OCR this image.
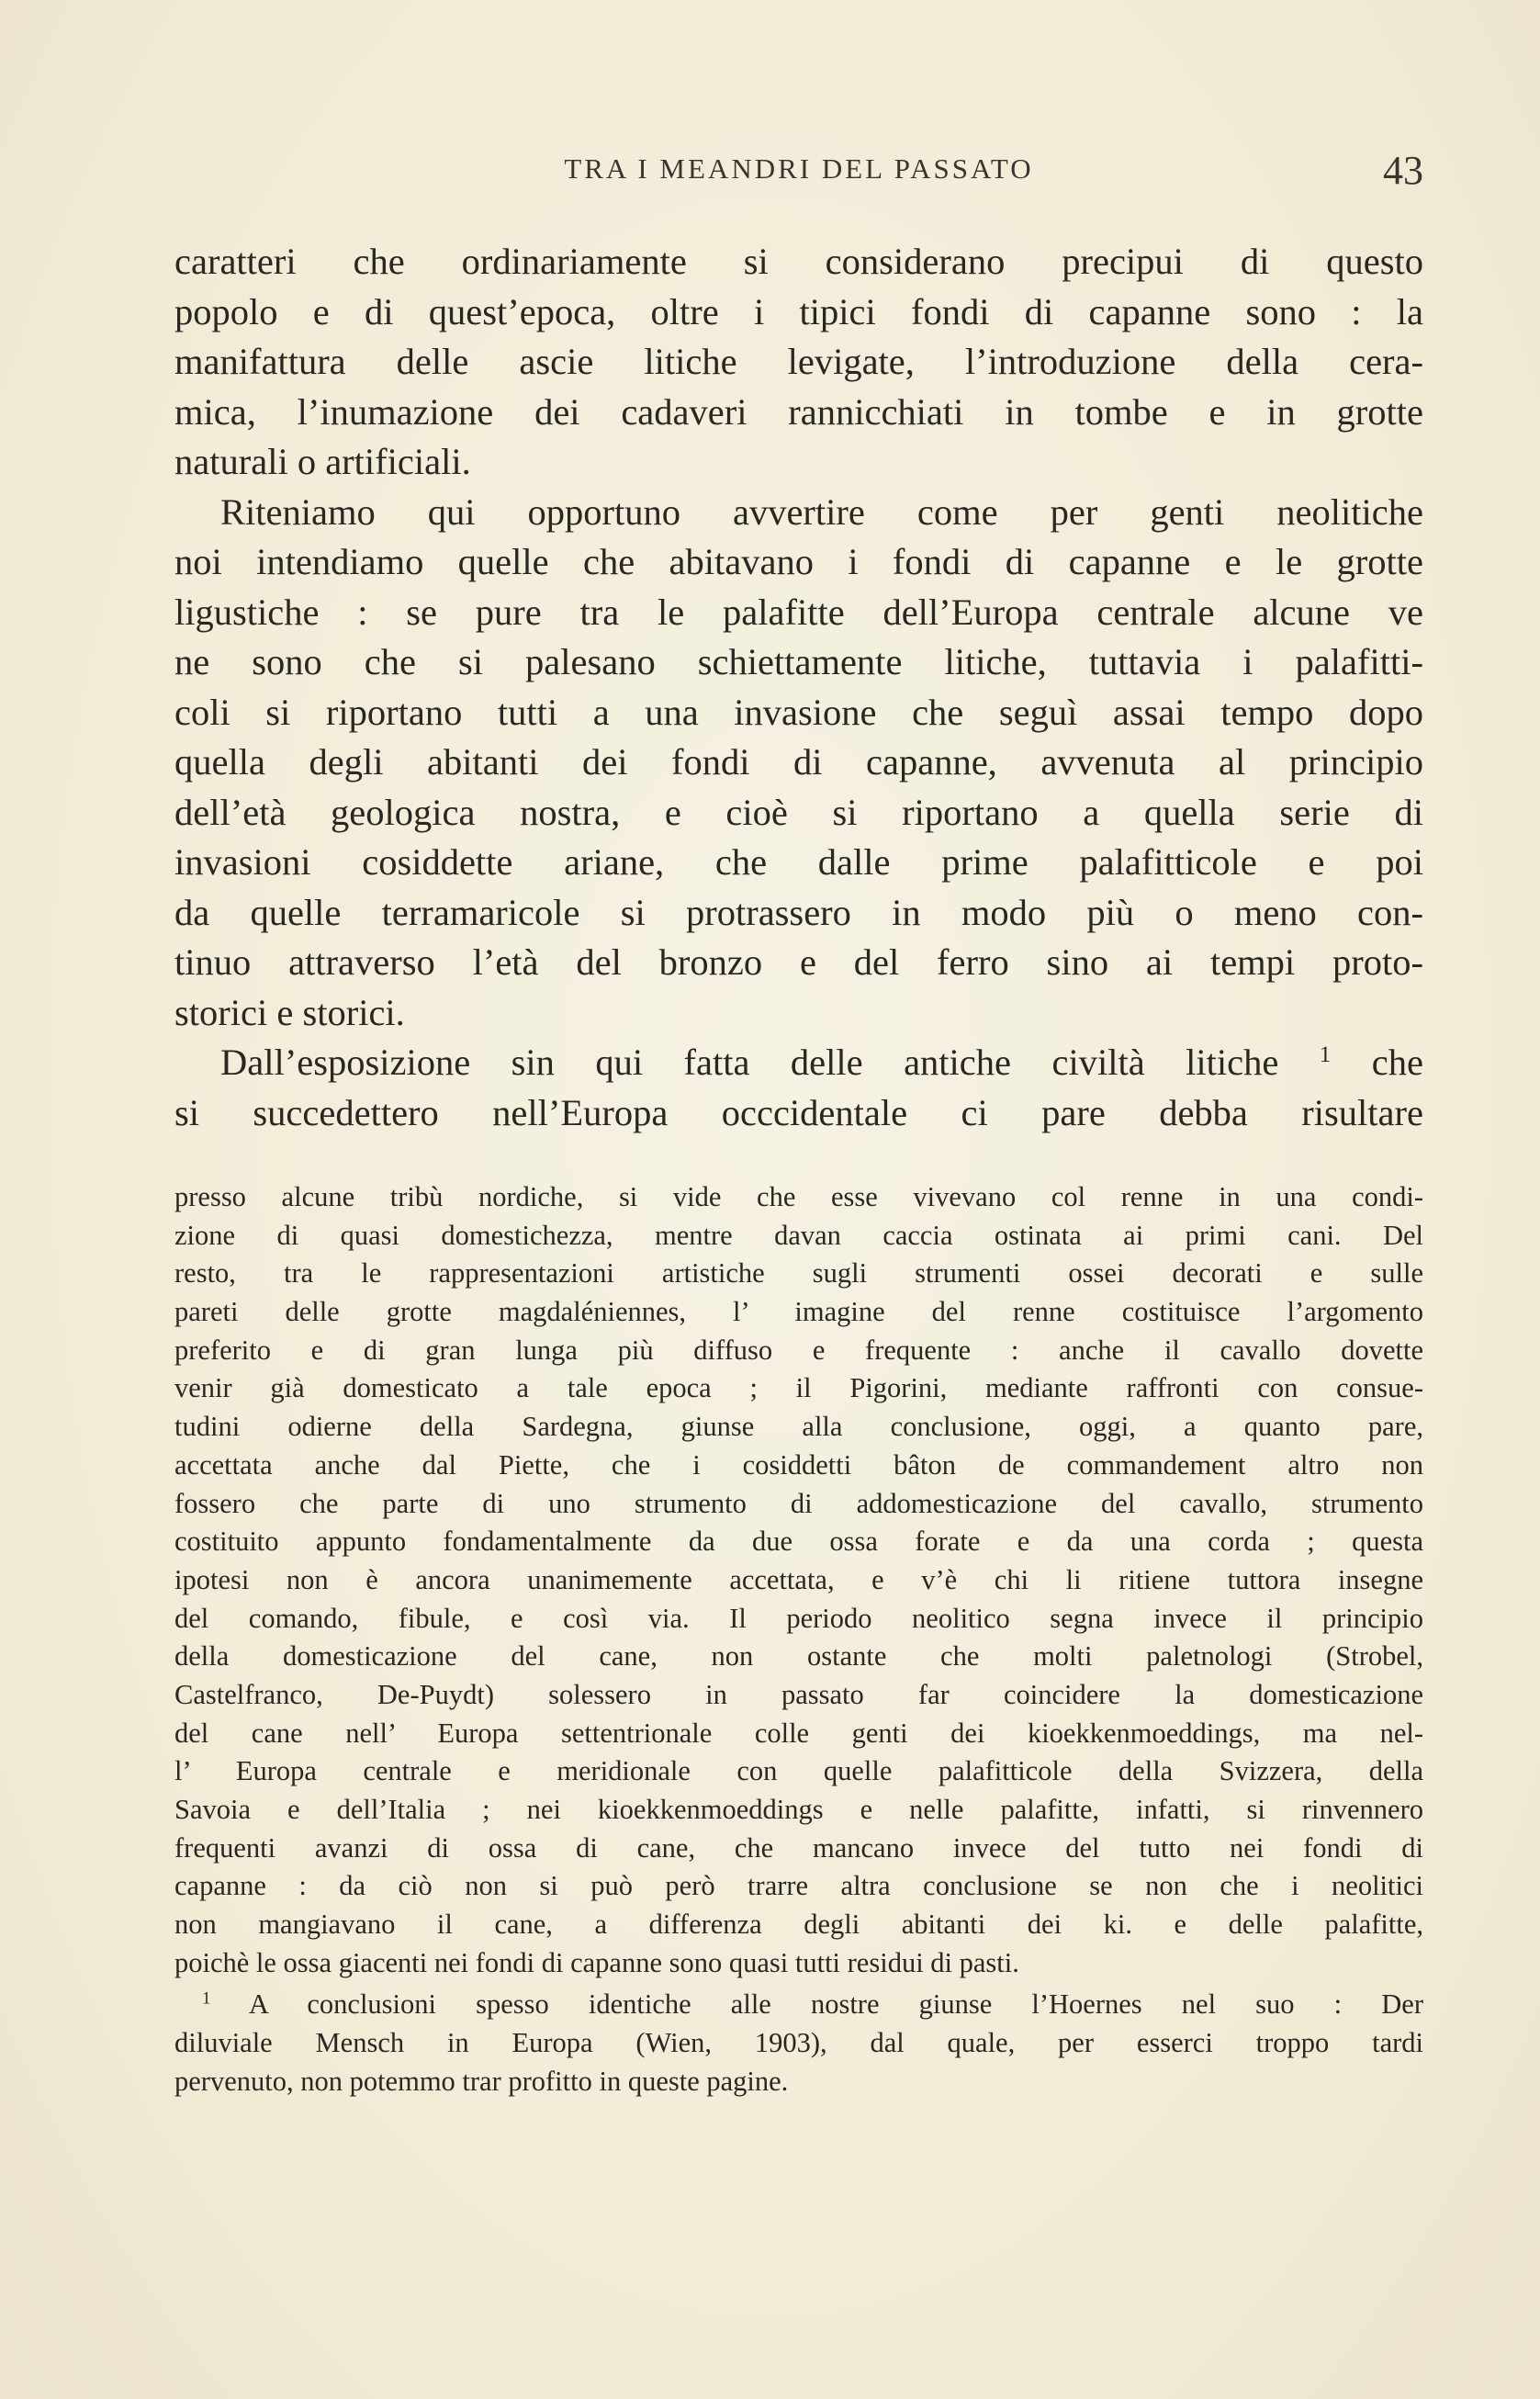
TRA I MEANDRI DEL PASSATO	43
caratteri che ordinariamente si considerano precipui di questo
popolo e di quest’epoca, oltre i tipici fondi di capanne sono : la
manifattura delle ascie litiche levigate, l’introduzione della cera-
mica, l’inumazione dei cadaveri rannicchiati in tombe e in grotte
naturali o artificiali.
Riteniamo qui opportuno avvertire come per genti neolitiche
noi intendiamo quelle che abitavano i fondi di capanne e le grotte
ligustiche : se pure tra le palafitte dell’Europa centrale alcune ve
ne sono che si palesano schiettamente litiche, tuttavia i palafitti-
coli si riportano tutti a una invasione che seguì assai tempo dopo
quella degli abitanti dei fondi di capanne, avvenuta al principio
dell’età geologica nostra, e cioè si riportano a quella serie di
invasioni cosiddette ariane, che dalle prime palafitticole e poi
da quelle terramaricole si protrassero in modo più o meno con-
tinuo attraverso l’età del bronzo e del ferro sino ai tempi proto-
storici e storici.
Dall’esposizione sin qui fatta delle antiche civiltà litiche $^1$ che
si succedettero nell’Europa occcidentale ci pare debba risultare
presso alcune tribù nordiche, si vide che esse vivevano col renne in una condi-
zione di quasi domestichezza, mentre davan caccia ostinata ai primi cani. Del
resto, tra le rappresentazioni artistiche sugli strumenti ossei decorati e sulle
pareti delle grotte magdaléniennes, l’ imagine del renne costituisce l’argomento
preferito e di gran lunga più diffuso e frequente : anche il cavallo dovette
venir già domesticato a tale epoca ; il Pigorini, mediante raffronti con consue-
tudini odierne della Sardegna, giunse alla conclusione, oggi, a quanto pare,
accettata anche dal Piette, che i cosiddetti bâton de commandement altro non
fossero che parte di uno strumento di addomesticazione del cavallo, strumento
costituito appunto fondamentalmente da due ossa forate e da una corda ; questa
ipotesi non è ancora unanimemente accettata, e v’è chi li ritiene tuttora insegne
del comando, fibule, e così via. Il periodo neolitico segna invece il principio
della domesticazione del cane, non ostante che molti paletnologi (Strobel,
Castelfranco, De-Puydt) solessero in passato far coincidere la domesticazione
del cane nell’ Europa settentrionale colle genti dei kioekkenmoeddings, ma nel-
l’ Europa centrale e meridionale con quelle palafitticole della Svizzera, della
Savoia e dell’Italia ; nei kioekkenmoeddings e nelle palafitte, infatti, si rinvennero
frequenti avanzi di ossa di cane, che mancano invece del tutto nei fondi di
capanne : da ciò non si può però trarre altra conclusione se non che i neolitici
non mangiavano il cane, a differenza degli abitanti dei ki. e delle palafitte,
poichè le ossa giacenti nei fondi di capanne sono quasi tutti residui di pasti.
$^1$ A conclusioni spesso identiche alle nostre giunse l’Hoernes nel suo : Der
diluviale Mensch in Europa (Wien, 1903), dal quale, per esserci troppo tardi
pervenuto, non potemmo trar profitto in queste pagine.
